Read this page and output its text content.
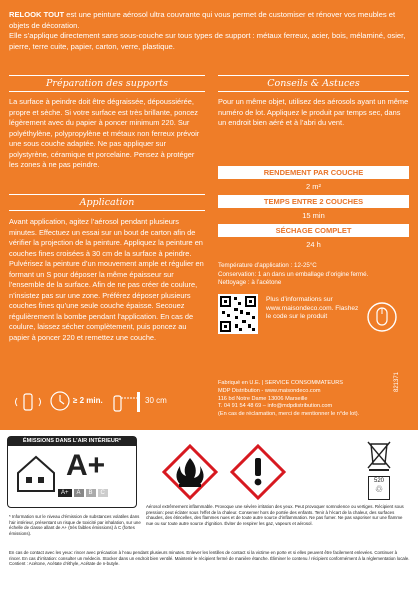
RELOOK TOUT est une peinture aérosol ultra couvrante qui vous permet de customiser et rénover vos meubles et objets de décoration.
Elle s’applique directement sans sous-couche sur tous types de support : métaux ferreux, acier, bois, mélaminé, osier, pierre, terre cuite, papier, carton, verre, plastique.
Préparation des supports	Conseils & Astuces
La surface à peindre doit être dégraissée, dépoussiérée, propre et sèche. Si votre surface est très brillante, poncez légèrement avec du papier à poncer minimum 220. Sur polyéthylène, polypropylène et métaux non ferreux prévoir une sous couche adaptée. Ne pas appliquer sur polystyrène, céramique et porcelaine. Pensez à protéger les zones à ne pas peindre.
Pour un même objet, utilisez des aérosols ayant un même numéro de lot. Appliquez le produit par temps sec, dans un endroit bien aéré et à l’abri du vent.
Application
Avant application, agitez l’aérosol pendant plusieurs minutes. Effectuez un essai sur un bout de carton afin de vérifier la projection de la peinture. Appliquez la peinture en couches fines croisées à 30 cm de la surface à peindre. Pulvérisez la peinture d’un mouvement ample et régulier en formant un S pour déposer la même épaisseur sur l’ensemble de la surface. Afin de ne pas créer de coulure, n’insistez pas sur une zone. Préférez déposer plusieurs couches fines qu’une seule couche épaisse. Secouez régulièrement la bombe pendant l’application. En cas de coulure, laissez sécher complètement, puis poncez au papier à poncer 220 et remettez une couche.
RENDEMENT PAR COUCHE
2 m²
TEMPS ENTRE 2 COUCHES
15 min
SÉCHAGE COMPLET
24 h
Température d’application : 12-25°C
Conservation: 1 an dans un emballage d’origine fermé.
Nettoyage : à l’acétone
Plus d’informations sur www.maisondeco.com. Flashez le code sur le produit
≥ 2 min.	30 cm
Fabriqué en U.E. | SERVICE CONSOMMATEURS
MDP Distribution - www.maisondeco.com
116 bd Notre Dame 13006 Marseille
T. 04 91 54 48 69 – info@mdpdistribution.com
(En cas de réclamation, merci de mentionner le n°de lot).
821371
ÉMISSIONS DANS L’AIR INTÉRIEUR*
A+
A+	A	B	C
520
♲
* Information sur le niveau d’émission de substances volatiles dans l’air intérieur, présentant un risque de toxicité par inhalation, sur une échelle de classe allant de A+ (très faibles émissions) à C (fortes émissions).
Aérosol extrêmement inflammable. Provoque une sévère irritation des yeux. Peut provoquer somnolence ou vertiges. Récipient sous pression: peut éclater sous l’effet de la chaleur. Conserver hors de portée des enfants. Tenir à l’écart de la chaleur, des surfaces chaudes, des étincelles, des flammes nues et de toute autre source d’inflammation. Ne pas fumer. Ne pas vaporiser sur une flamme nue ou sur toute autre source d’ignition. Éviter de respirer les gaz, vapeurs et aérosol.
En cas de contact avec les yeux: rincer avec précaution à l’eau pendant plusieurs minutes. Enlever les lentilles de contact si la victime en porte et si elles peuvent être facilement enlevées. Continuer à rincer. En cas d’irritation: consulter un médecin. Stocker dans un endroit bien ventilé. Maintenir le récipient fermé de manière étanche. Éliminer le contenu / récipient conformément à la réglementation locale. Contient : Acétone, Acétate d’éthyle, Acétate de n-butyle.
